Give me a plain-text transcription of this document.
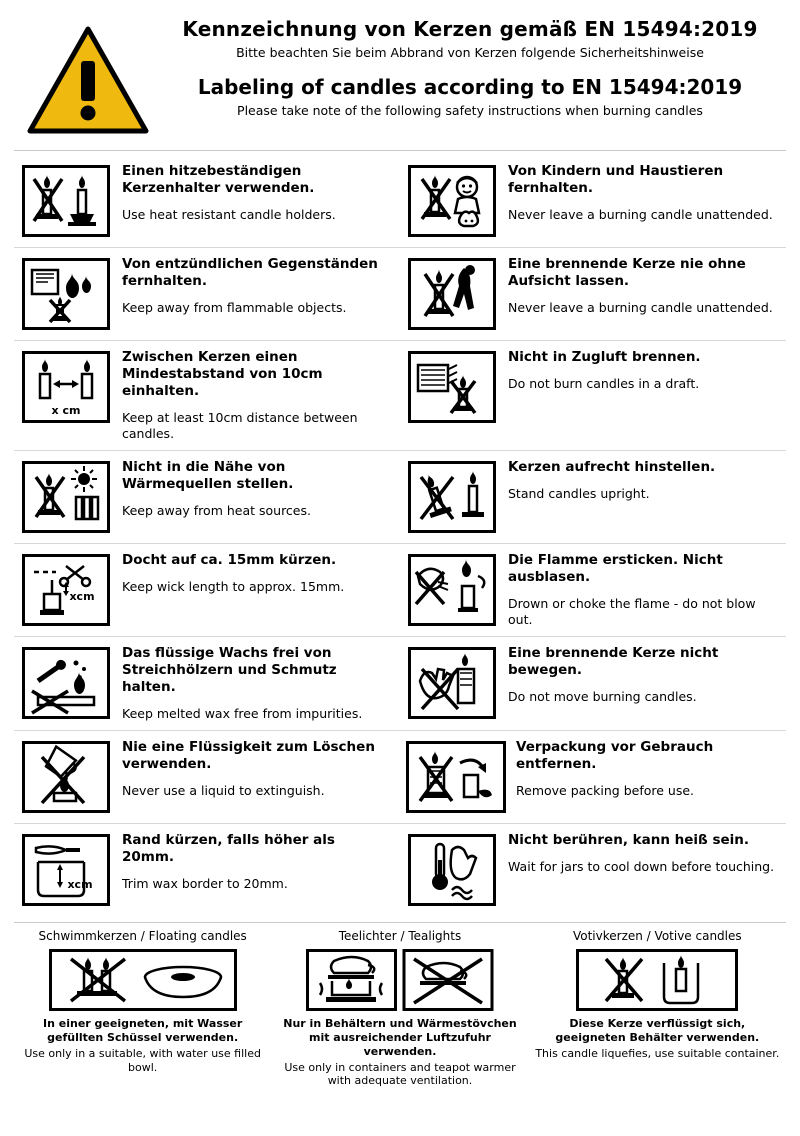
Kennzeichnung von Kerzen gemäß EN 15494:2019
Bitte beachten Sie beim Abbrand von Kerzen folgende Sicherheitshinweise
Labeling of candles according to EN 15494:2019
Please take note of the following safety instructions when burning candles
Einen hitzebeständigen Kerzenhalter verwenden.
Use heat resistant candle holders.
Von Kindern und Haustieren fernhalten.
Never leave a burning candle unattended.
Von entzündlichen Gegenständen fernhalten.
Keep away from flammable objects.
Eine brennende Kerze nie ohne Aufsicht lassen.
Never leave a burning candle unattended.
x cm
Zwischen Kerzen einen Mindestabstand von 10cm einhalten.
Keep at least 10cm distance between candles.
Nicht in Zugluft brennen.
Do not burn candles in a draft.
Nicht in die Nähe von Wärmequellen stellen.
Keep away from heat sources.
Kerzen aufrecht hinstellen.
Stand candles upright.
xcm
Docht auf ca. 15mm kürzen.
Keep wick length to approx. 15mm.
Die Flamme ersticken. Nicht ausblasen.
Drown or choke the flame - do not blow out.
Das flüssige Wachs frei von Streichhölzern und Schmutz halten.
Keep melted wax free from impurities.
Eine brennende Kerze nicht bewegen.
Do not move burning candles.
Nie eine Flüssigkeit zum Löschen verwenden.
Never use a liquid to extinguish.
Verpackung vor Gebrauch entfernen.
Remove packing before use.
xcm
Rand kürzen, falls höher als 20mm.
Trim wax border to 20mm.
Nicht berühren, kann heiß sein.
Wait for jars to cool down before touching.
Schwimmkerzen / Floating candles
In einer geeigneten, mit Wasser gefüllten Schüssel verwenden.
Use only in a suitable, with water use filled bowl.
Teelichter / Tealights
Nur in Behältern und Wärmestövchen mit ausreichender Luftzufuhr verwenden.
Use only in containers and teapot warmer with adequate ventilation.
Votivkerzen / Votive candles
Diese Kerze verflüssigt sich, geeigneten Behälter verwenden.
This candle liquefies, use suitable container.
